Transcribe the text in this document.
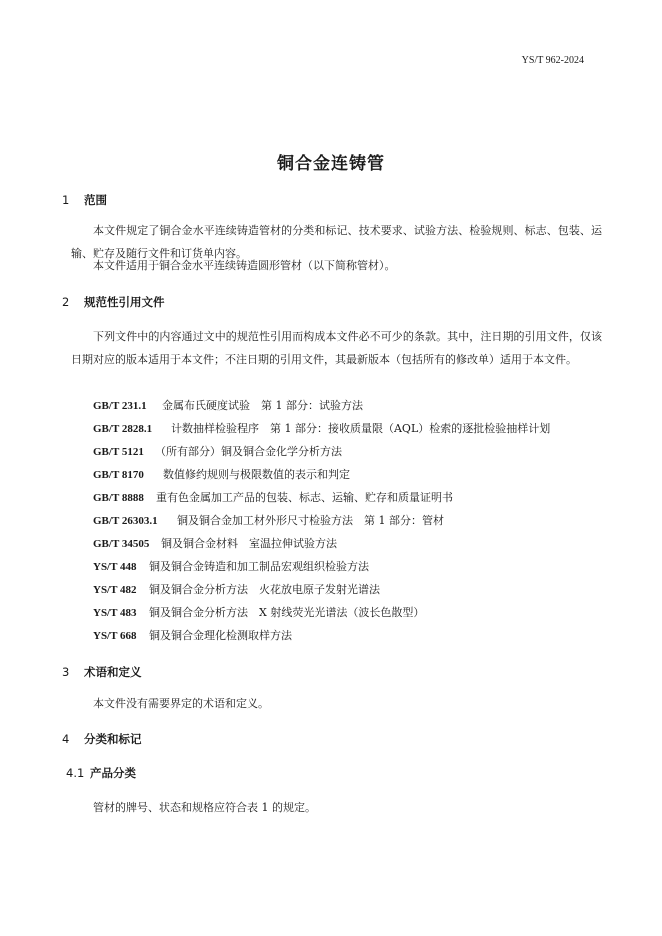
YS/T 962-2024
铜合金连铸管
1 范围
本文件规定了铜合金水平连续铸造管材的分类和标记、技术要求、试验方法、检验规则、标志、包装、运输、贮存及随行文件和订货单内容。
本文件适用于铜合金水平连续铸造圆形管材（以下简称管材）。
2 规范性引用文件
下列文件中的内容通过文中的规范性引用而构成本文件必不可少的条款。其中，注日期的引用文件，仅该日期对应的版本适用于本文件；不注日期的引用文件，其最新版本（包括所有的修改单）适用于本文件。
GB/T 231.1 金属布氏硬度试验　第 1 部分：试验方法
GB/T 2828.1 计数抽样检验程序　第 1 部分：接收质量限（AQL）检索的逐批检验抽样计划
GB/T 5121 （所有部分）铜及铜合金化学分析方法
GB/T 8170 数值修约规则与极限数值的表示和判定
GB/T 8888 重有色金属加工产品的包装、标志、运输、贮存和质量证明书
GB/T 26303.1 铜及铜合金加工材外形尺寸检验方法　第 1 部分：管材
GB/T 34505 铜及铜合金材料　室温拉伸试验方法
YS/T 448 铜及铜合金铸造和加工制品宏观组织检验方法
YS/T 482 铜及铜合金分析方法　火花放电原子发射光谱法
YS/T 483 铜及铜合金分析方法　X 射线荧光光谱法（波长色散型）
YS/T 668 铜及铜合金理化检测取样方法
3 术语和定义
本文件没有需要界定的术语和定义。
4 分类和标记
4.1 产品分类
管材的牌号、状态和规格应符合表 1 的规定。
